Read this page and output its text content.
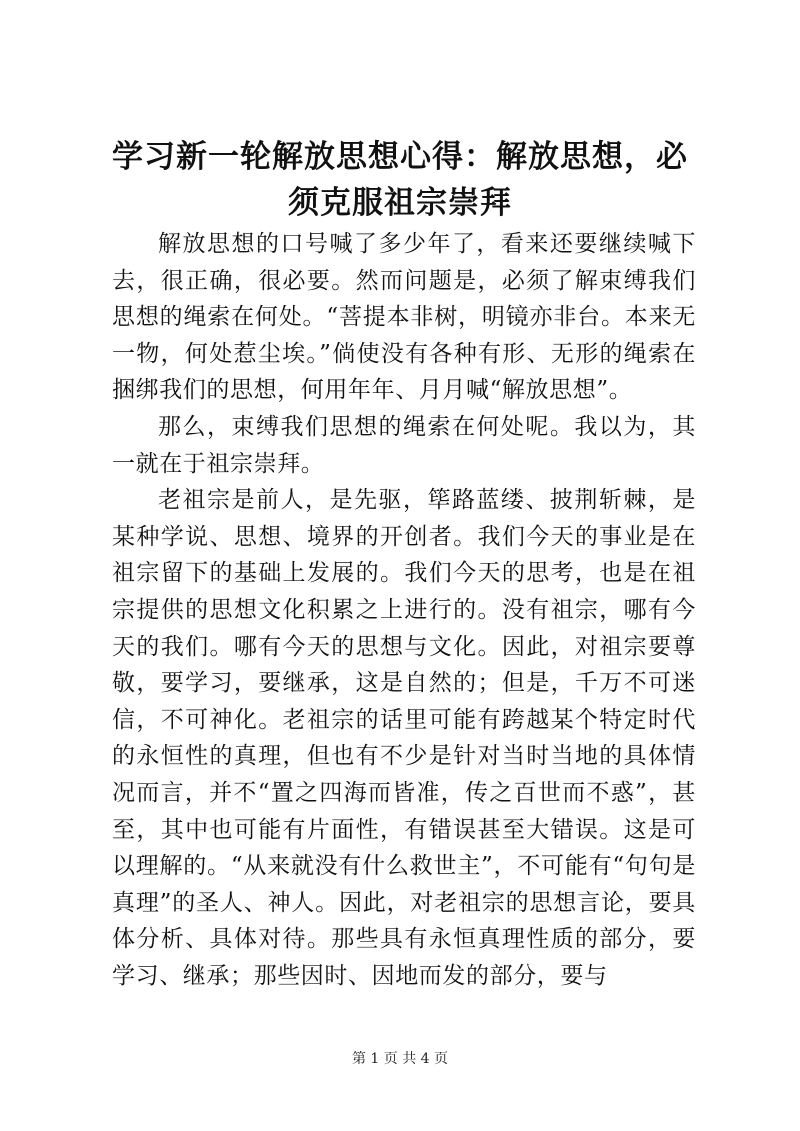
学习新一轮解放思想心得：解放思想，必须克服祖宗崇拜

解放思想的口号喊了多少年了，看来还要继续喊下去，很正确，很必要。然而问题是，必须了解束缚我们思想的绳索在何处。“菩提本非树，明镜亦非台。本来无一物，何处惹尘埃。”倘使没有各种有形、无形的绳索在捆绑我们的思想，何用年年、月月喊“解放思想”。

那么，束缚我们思想的绳索在何处呢。我以为，其一就在于祖宗崇拜。

老祖宗是前人，是先驱，筚路蓝缕、披荆斩棘，是某种学说、思想、境界的开创者。我们今天的事业是在祖宗留下的基础上发展的。我们今天的思考，也是在祖宗提供的思想文化积累之上进行的。没有祖宗，哪有今天的我们。哪有今天的思想与文化。因此，对祖宗要尊敬，要学习，要继承，这是自然的；但是，千万不可迷信，不可神化。老祖宗的话里可能有跨越某个特定时代的永恒性的真理，但也有不少是针对当时当地的具体情况而言，并不“置之四海而皆准，传之百世而不惑”，甚至，其中也可能有片面性，有错误甚至大错误。这是可以理解的。“从来就没有什么救世主”，不可能有“句句是真理”的圣人、神人。因此，对老祖宗的思想言论，要具体分析、具体对待。那些具有永恒真理性质的部分，要学习、继承；那些因时、因地而发的部分，要与

第 1 页 共 4 页
